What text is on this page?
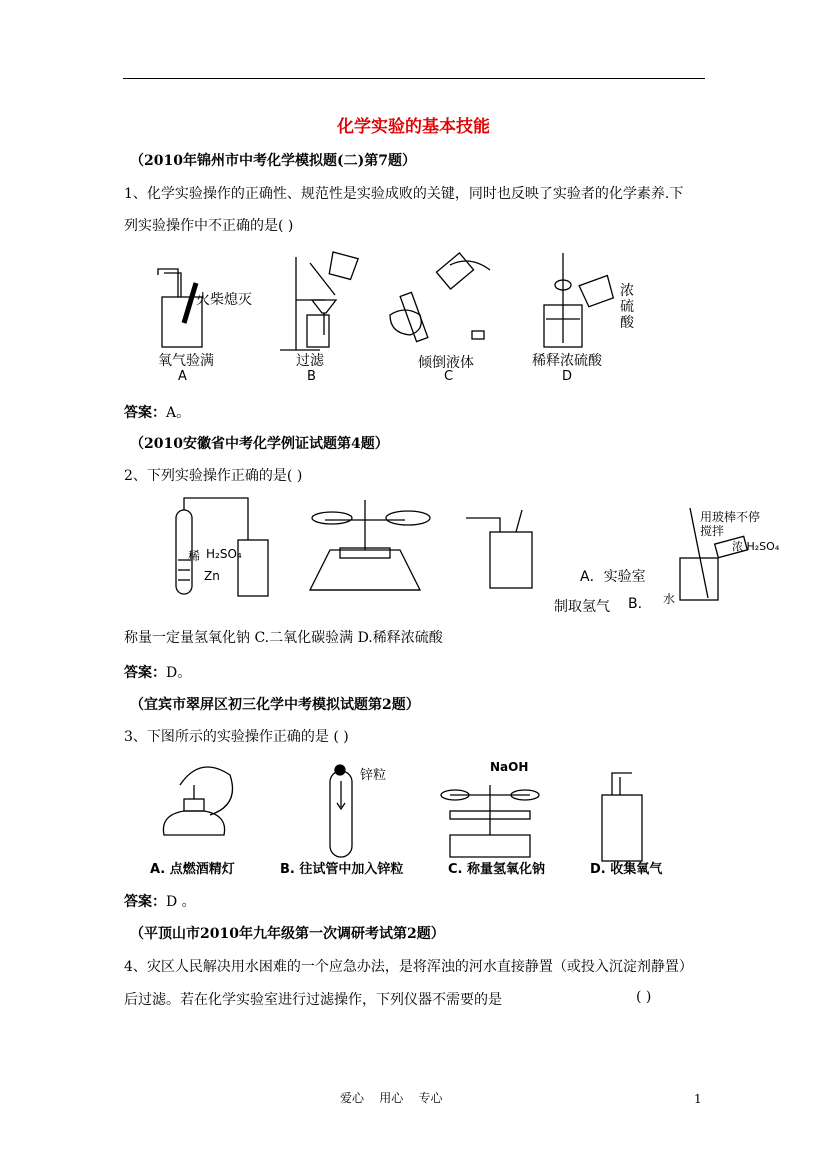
化学实验的基本技能
（2010年锦州市中考化学模拟题(二)第7题）
1、化学实验操作的正确性、规范性是实验成败的关键，同时也反映了实验者的化学素养.下
列实验操作中不正确的是( )
火柴熄灭
浓
硫
酸
氧气验满	过滤	倾倒液体	稀释浓硫酸
A	B	C	D
答案：A。
（2010安徽省中考化学例证试题第4题）
2、下列实验操作正确的是( )
稀 H₂SO₄
Zn
用玻棒不停
搅拌
浓 H₂SO₄
水
A．实验室
制取氢气 B.
称量一定量氢氧化钠 C.二氧化碳验满 D.稀释浓硫酸
答案：D。
（宜宾市翠屏区初三化学中考模拟试题第2题）
3、下图所示的实验操作正确的是 ( )
锌粒
NaOH
A. 点燃酒精灯	B. 往试管中加入锌粒	C. 称量氢氧化钠	D. 收集氧气
答案：D 。
（平顶山市2010年九年级第一次调研考试第2题）
4、灾区人民解决用水困难的一个应急办法，是将浑浊的河水直接静置（或投入沉淀剂静置）
后过滤。若在化学实验室进行过滤操作，下列仪器不需要的是	( )
爱心    用心    专心	1
